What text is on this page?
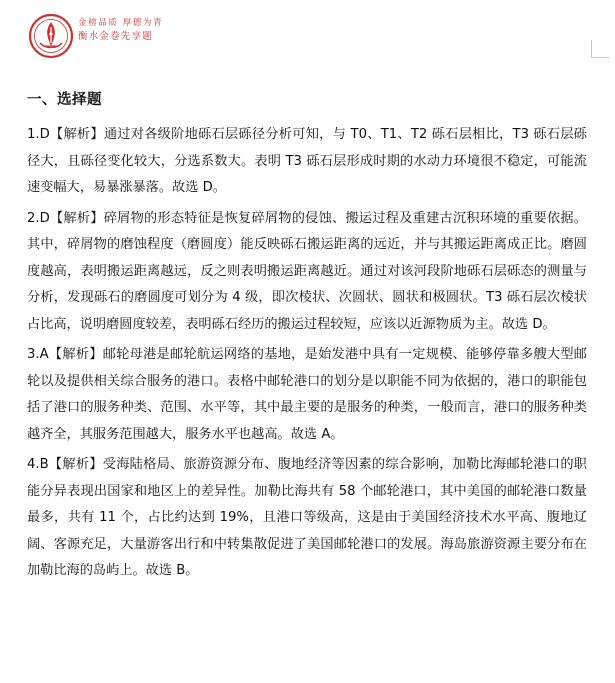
金榜品质 厚德为青
衡水金卷先享题
一、选择题

1.D【解析】通过对各级阶地砾石层砾径分析可知，与 T0、T1、T2 砾石层相比，T3 砾石层砾径大，且砾径变化较大，分选系数大。表明 T3 砾石层形成时期的水动力环境很不稳定，可能流速变幅大，易暴涨暴落。故选 D。

2.D【解析】碎屑物的形态特征是恢复碎屑物的侵蚀、搬运过程及重建古沉积环境的重要依据。其中，碎屑物的磨蚀程度（磨圆度）能反映砾石搬运距离的远近，并与其搬运距离成正比。磨圆度越高，表明搬运距离越远，反之则表明搬运距离越近。通过对该河段阶地砾石层砾态的测量与分析，发现砾石的磨圆度可划分为 4 级，即次棱状、次圆状、圆状和极圆状。T3 砾石层次棱状占比高，说明磨圆度较差，表明砾石经历的搬运过程较短，应该以近源物质为主。故选 D。

3.A【解析】邮轮母港是邮轮航运网络的基地，是始发港中具有一定规模、能够停靠多艘大型邮轮以及提供相关综合服务的港口。表格中邮轮港口的划分是以职能不同为依据的，港口的职能包括了港口的服务种类、范围、水平等，其中最主要的是服务的种类，一般而言，港口的服务种类越齐全，其服务范围越大，服务水平也越高。故选 A。

4.B【解析】受海陆格局、旅游资源分布、腹地经济等因素的综合影响，加勒比海邮轮港口的职能分异表现出国家和地区上的差异性。加勒比海共有 58 个邮轮港口，其中美国的邮轮港口数量最多，共有 11 个，占比约达到 19%，且港口等级高，这是由于美国经济技术水平高、腹地辽阔、客源充足，大量游客出行和中转集散促进了美国邮轮港口的发展。海岛旅游资源主要分布在加勒比海的岛屿上。故选 B。
